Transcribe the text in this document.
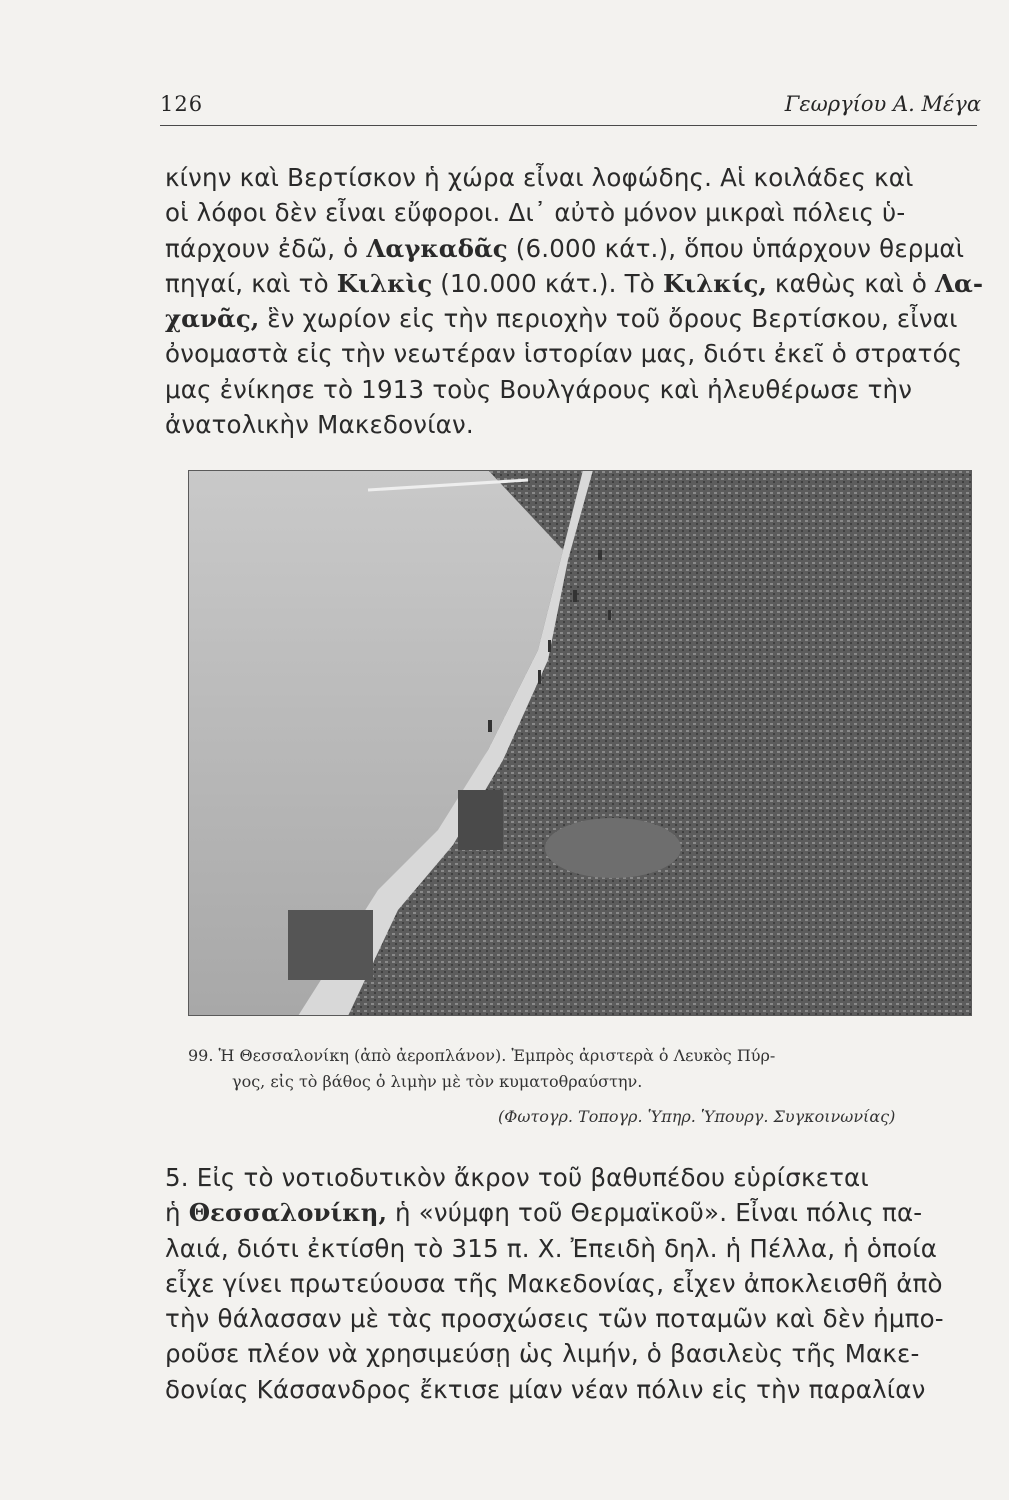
126	Γεωργίου Α. Μέγα
κίνην καὶ Βερτίσκον ἡ χώρα εἶναι λοφώδης. Αἱ κοιλάδες καὶ
οἱ λόφοι δὲν εἶναι εὔφοροι. Δι᾿ αὐτὸ μόνον μικραὶ πόλεις ὑ-
πάρχουν ἐδῶ, ὁ Λαγκαδᾶς (6.000 κάτ.), ὅπου ὑπάρχουν θερμαὶ
πηγαί, καὶ τὸ Κιλκὶς (10.000 κάτ.). Τὸ Κιλκίς, καθὼς καὶ ὁ Λα-
χανᾶς, ἓν χωρίον εἰς τὴν περιοχὴν τοῦ ὄρους Βερτίσκου, εἶναι
ὀνομαστὰ εἰς τὴν νεωτέραν ἱστορίαν μας, διότι ἐκεῖ ὁ στρατός
μας ἐνίκησε τὸ 1913 τοὺς Βουλγάρους καὶ ἠλευθέρωσε τὴν
ἀνατολικὴν Μακεδονίαν.
99. Ἡ Θεσσαλονίκη (ἀπὸ ἀεροπλάνον). Ἐμπρὸς ἀριστερὰ ὁ Λευκὸς Πύρ-
γος, εἰς τὸ βάθος ὁ λιμὴν μὲ τὸν κυματοθραύστην.
(Φωτογρ. Τοπογρ. Ὑπηρ. Ὑπουργ. Συγκοινωνίας)
5. Εἰς τὸ νοτιοδυτικὸν ἄκρον τοῦ βαθυπέδου εὑρίσκεται
ἡ Θεσσαλονίκη, ἡ «νύμφη τοῦ Θερμαϊκοῦ». Εἶναι πόλις πα-
λαιά, διότι ἐκτίσθη τὸ 315 π. Χ. Ἐπειδὴ δηλ. ἡ Πέλλα, ἡ ὁποία
εἶχε γίνει πρωτεύουσα τῆς Μακεδονίας, εἶχεν ἀποκλεισθῆ ἀπὸ
τὴν θάλασσαν μὲ τὰς προσχώσεις τῶν ποταμῶν καὶ δὲν ἠμπο-
ροῦσε πλέον νὰ χρησιμεύσῃ ὡς λιμήν, ὁ βασιλεὺς τῆς Μακε-
δονίας Κάσσανδρος ἔκτισε μίαν νέαν πόλιν εἰς τὴν παραλίαν
